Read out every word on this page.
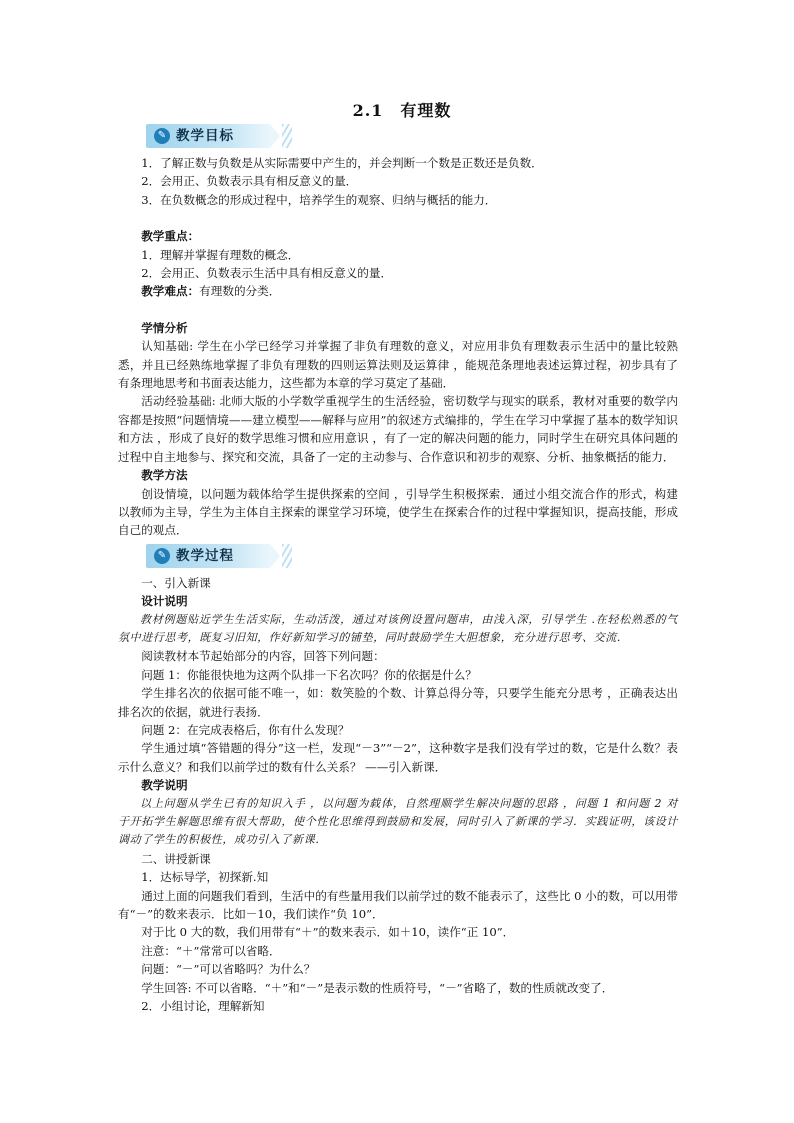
2.1　有理数
✎ 教学目标

1．了解正数与负数是从实际需要中产生的，并会判断一个数是正数还是负数．

2．会用正、负数表示具有相反意义的量．

3．在负数概念的形成过程中，培养学生的观察、归纳与概括的能力．

教学重点：

1．理解并掌握有理数的概念．

2．会用正、负数表示生活中具有相反意义的量．

教学难点：有理数的分类．

学情分析

认知基础: 学生在小学已经学习并掌握了非负有理数的意义，对应用非负有理数表示生活中的量比较熟悉，并且已经熟练地掌握了非负有理数的四则运算法则及运算律 ，能规范条理地表述运算过程，初步具有了有条理地思考和书面表达能力，这些都为本章的学习莫定了基础．

活动经验基础: 北师大版的小学数学重视学生的生活经验，密切数学与现实的联系，教材对重要的数学内容都是按照“问题情境——建立模型——解释与应用”的叙述方式编排的，学生在学习中掌握了基本的数学知识和方法 ，形成了良好的数学思维习惯和应用意识 ，有了一定的解决问题的能力，同时学生在研究具体问题的过程中自主地参与、探究和交流，具备了一定的主动参与、合作意识和初步的观察、分析、抽象概括的能力．

教学方法

创设情境，以问题为载体给学生提供探索的空间 ，引导学生积极探索．通过小组交流合作的形式，构建以教师为主导，学生为主体自主探索的课堂学习环境，使学生在探索合作的过程中掌握知识，提高技能，形成自己的观点．

✎ 教学过程

一、引入新课

设计说明

教材例题贴近学生生活实际，生动活泼，通过对该例设置问题串，由浅入深，引导学生 .在轻松熟悉的气氛中进行思考，既复习旧知，作好新知学习的铺垫，同时鼓励学生大胆想象，充分进行思考、交流．

阅读教材本节起始部分的内容，回答下列问题：

问题 1：你能很快地为这两个队排一下名次吗？你的依据是什么？

学生排名次的依据可能不唯一，如：数笑脸的个数、计算总得分等，只要学生能充分思考 ，正确表达出排名次的依据，就进行表扬．

问题 2：在完成表格后，你有什么发现？

学生通过填“答错题的得分”这一栏，发现“－3”“－2”，这种数字是我们没有学过的数，它是什么数？表示什么意义？和我们以前学过的数有什么关系？ ——引入新课．

教学说明

以上问题从学生已有的知识入手 ，以问题为载体，自然理顺学生解决问题的思路 ，问题 1 和问题 2 对于开拓学生解题思维有很大帮助，使个性化思维得到鼓励和发展，同时引入了新课的学习．实践证明，该设计调动了学生的积极性，成功引入了新课．

二、讲授新课

1．达标导学，初探新.知

通过上面的问题我们看到，生活中的有些量用我们以前学过的数不能表示了，这些比 0 小的数，可以用带有“－”的数来表示．比如－10，我们读作“负 10”．

对于比 0 大的数，我们用带有“＋”的数来表示．如＋10，读作“正 10”．

注意：“＋”常常可以省略．

问题：“－”可以省略吗？为什么？

学生回答: 不可以省略．“＋”和“－”是表示数的性质符号，“－”省略了，数的性质就改变了．

2．小组讨论，理解新知
